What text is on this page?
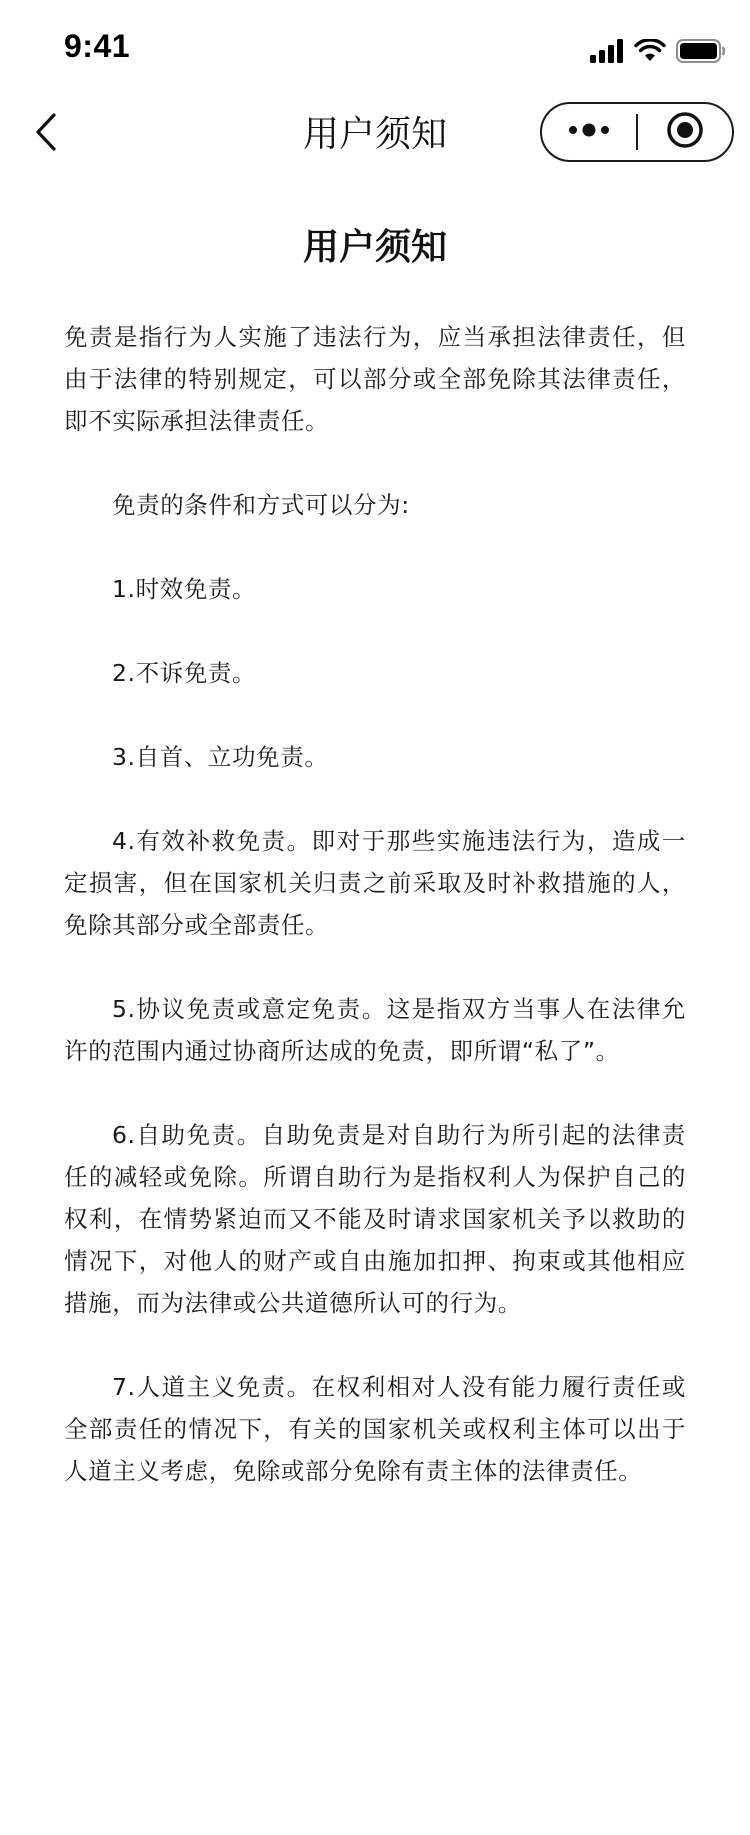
9:41
用户须知
用户须知

免责是指行为人实施了违法行为，应当承担法律责任，但由于法律的特别规定，可以部分或全部免除其法律责任，即不实际承担法律责任。

免责的条件和方式可以分为:

1.时效免责。

2.不诉免责。

3.自首、立功免责。

4.有效补救免责。即对于那些实施违法行为，造成一定损害，但在国家机关归责之前采取及时补救措施的人，免除其部分或全部责任。

5.协议免责或意定免责。这是指双方当事人在法律允许的范围内通过协商所达成的免责，即所谓“私了”。

6.自助免责。自助免责是对自助行为所引起的法律责任的减轻或免除。所谓自助行为是指权利人为保护自己的权利，在情势紧迫而又不能及时请求国家机关予以救助的情况下，对他人的财产或自由施加扣押、拘束或其他相应措施，而为法律或公共道德所认可的行为。

7.人道主义免责。在权利相对人没有能力履行责任或全部责任的情况下，有关的国家机关或权利主体可以出于人道主义考虑，免除或部分免除有责主体的法律责任。
